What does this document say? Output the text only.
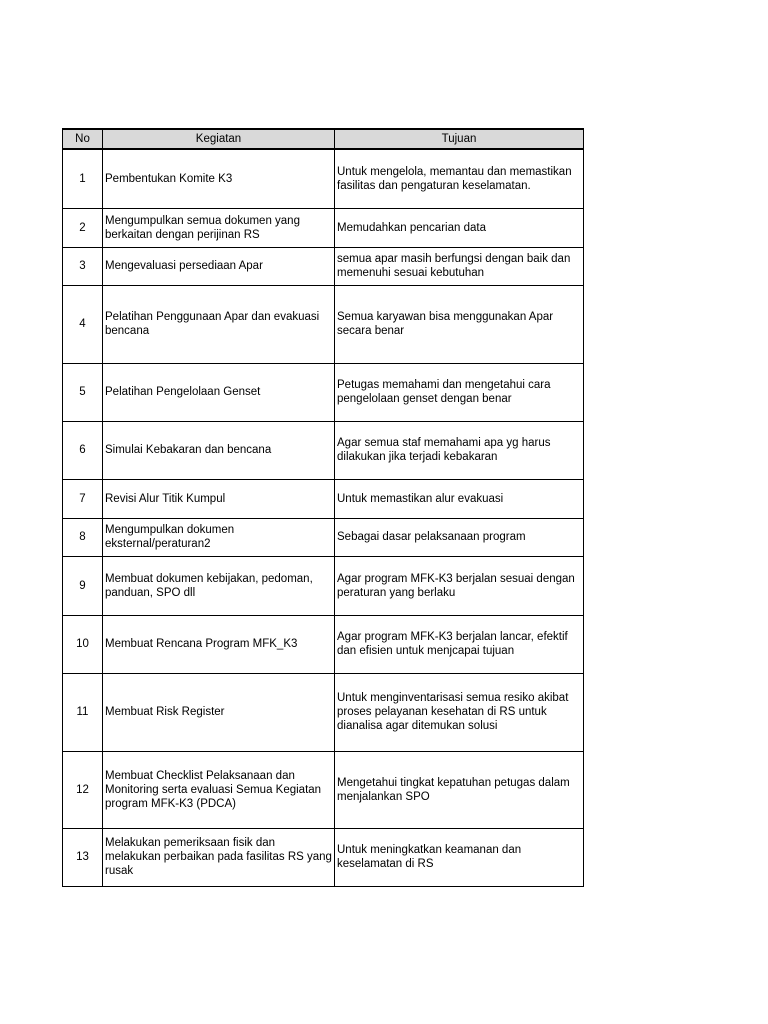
No	Kegiatan	Tujuan
1	Pembentukan Komite K3	Untuk mengelola, memantau dan memastikan fasilitas dan pengaturan keselamatan.
2	Mengumpulkan semua dokumen yang berkaitan dengan perijinan RS	Memudahkan pencarian data
3	Mengevaluasi persediaan Apar	semua apar masih berfungsi dengan baik dan memenuhi sesuai kebutuhan
4	Pelatihan Penggunaan Apar dan evakuasi bencana	Semua karyawan bisa menggunakan Apar secara benar
5	Pelatihan Pengelolaan Genset	Petugas memahami dan mengetahui cara pengelolaan genset dengan benar
6	Simulai Kebakaran dan bencana	Agar semua staf memahami apa yg harus dilakukan jika terjadi kebakaran
7	Revisi Alur Titik Kumpul	Untuk memastikan alur evakuasi
8	Mengumpulkan dokumen eksternal/peraturan2	Sebagai dasar pelaksanaan program
9	Membuat dokumen kebijakan, pedoman, panduan, SPO dll	Agar program MFK-K3 berjalan sesuai dengan peraturan yang berlaku
10	Membuat Rencana Program MFK_K3	Agar program MFK-K3 berjalan lancar, efektif dan efisien untuk menjcapai tujuan
11	Membuat Risk Register	Untuk menginventarisasi semua resiko akibat proses pelayanan kesehatan di RS untuk dianalisa agar ditemukan solusi
12	Membuat Checklist Pelaksanaan dan Monitoring serta evaluasi Semua Kegiatan program MFK-K3 (PDCA)	Mengetahui tingkat kepatuhan petugas dalam menjalankan SPO
13	Melakukan pemeriksaan fisik dan melakukan perbaikan pada fasilitas RS yang rusak	Untuk meningkatkan keamanan dan keselamatan di RS
